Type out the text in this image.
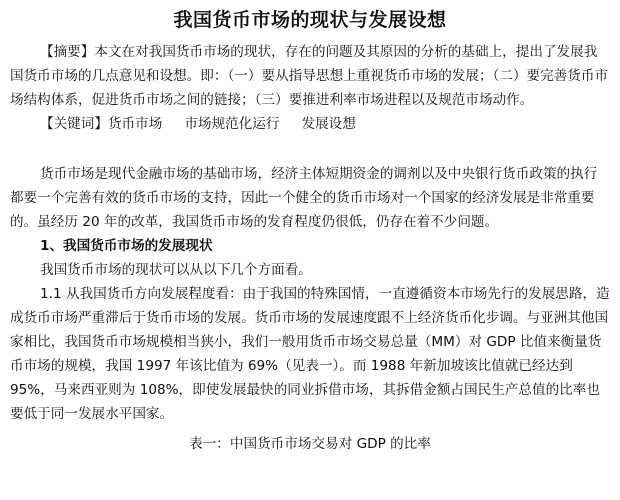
我国货币市场的现状与发展设想

【摘要】本文在对我国货币市场的现状，存在的问题及其原因的分析的基础上，提出了发展我国货币市场的几点意见和设想。即：（一）要从指导思想上重视货币市场的发展；（二）要完善货币市场结构体系，促进货币市场之间的链接；（三）要推进利率市场进程以及规范市场动作。

【关键词】货币市场 市场规范化运行 发展设想

货币市场是现代金融市场的基础市场，经济主体短期资金的调剂以及中央银行货币政策的执行都要一个完善有效的货币市场的支持，因此一个健全的货币市场对一个国家的经济发展是非常重要的。虽经历 20 年的改革，我国货币市场的发育程度仍很低，仍存在着不少问题。

1、我国货币市场的发展现状

我国货币市场的现状可以从以下几个方面看。

1.1 从我国货币方向发展程度看：由于我国的特殊国情，一直遵循资本市场先行的发展思路，造成货币市场严重滞后于货币市场的发展。货币市场的发展速度跟不上经济货币化步调。与亚洲其他国家相比，我国货币市场规模相当狭小，我们一般用货币市场交易总量（MM）对 GDP 比值来衡量货币市场的规模，我国 1997 年该比值为 69%（见表一）。而 1988 年新加坡该比值就已经达到 95%，马来西亚则为 108%，即使发展最快的同业拆借市场，其拆借金额占国民生产总值的比率也要低于同一发展水平国家。

表一：中国货币市场交易对 GDP 的比率
